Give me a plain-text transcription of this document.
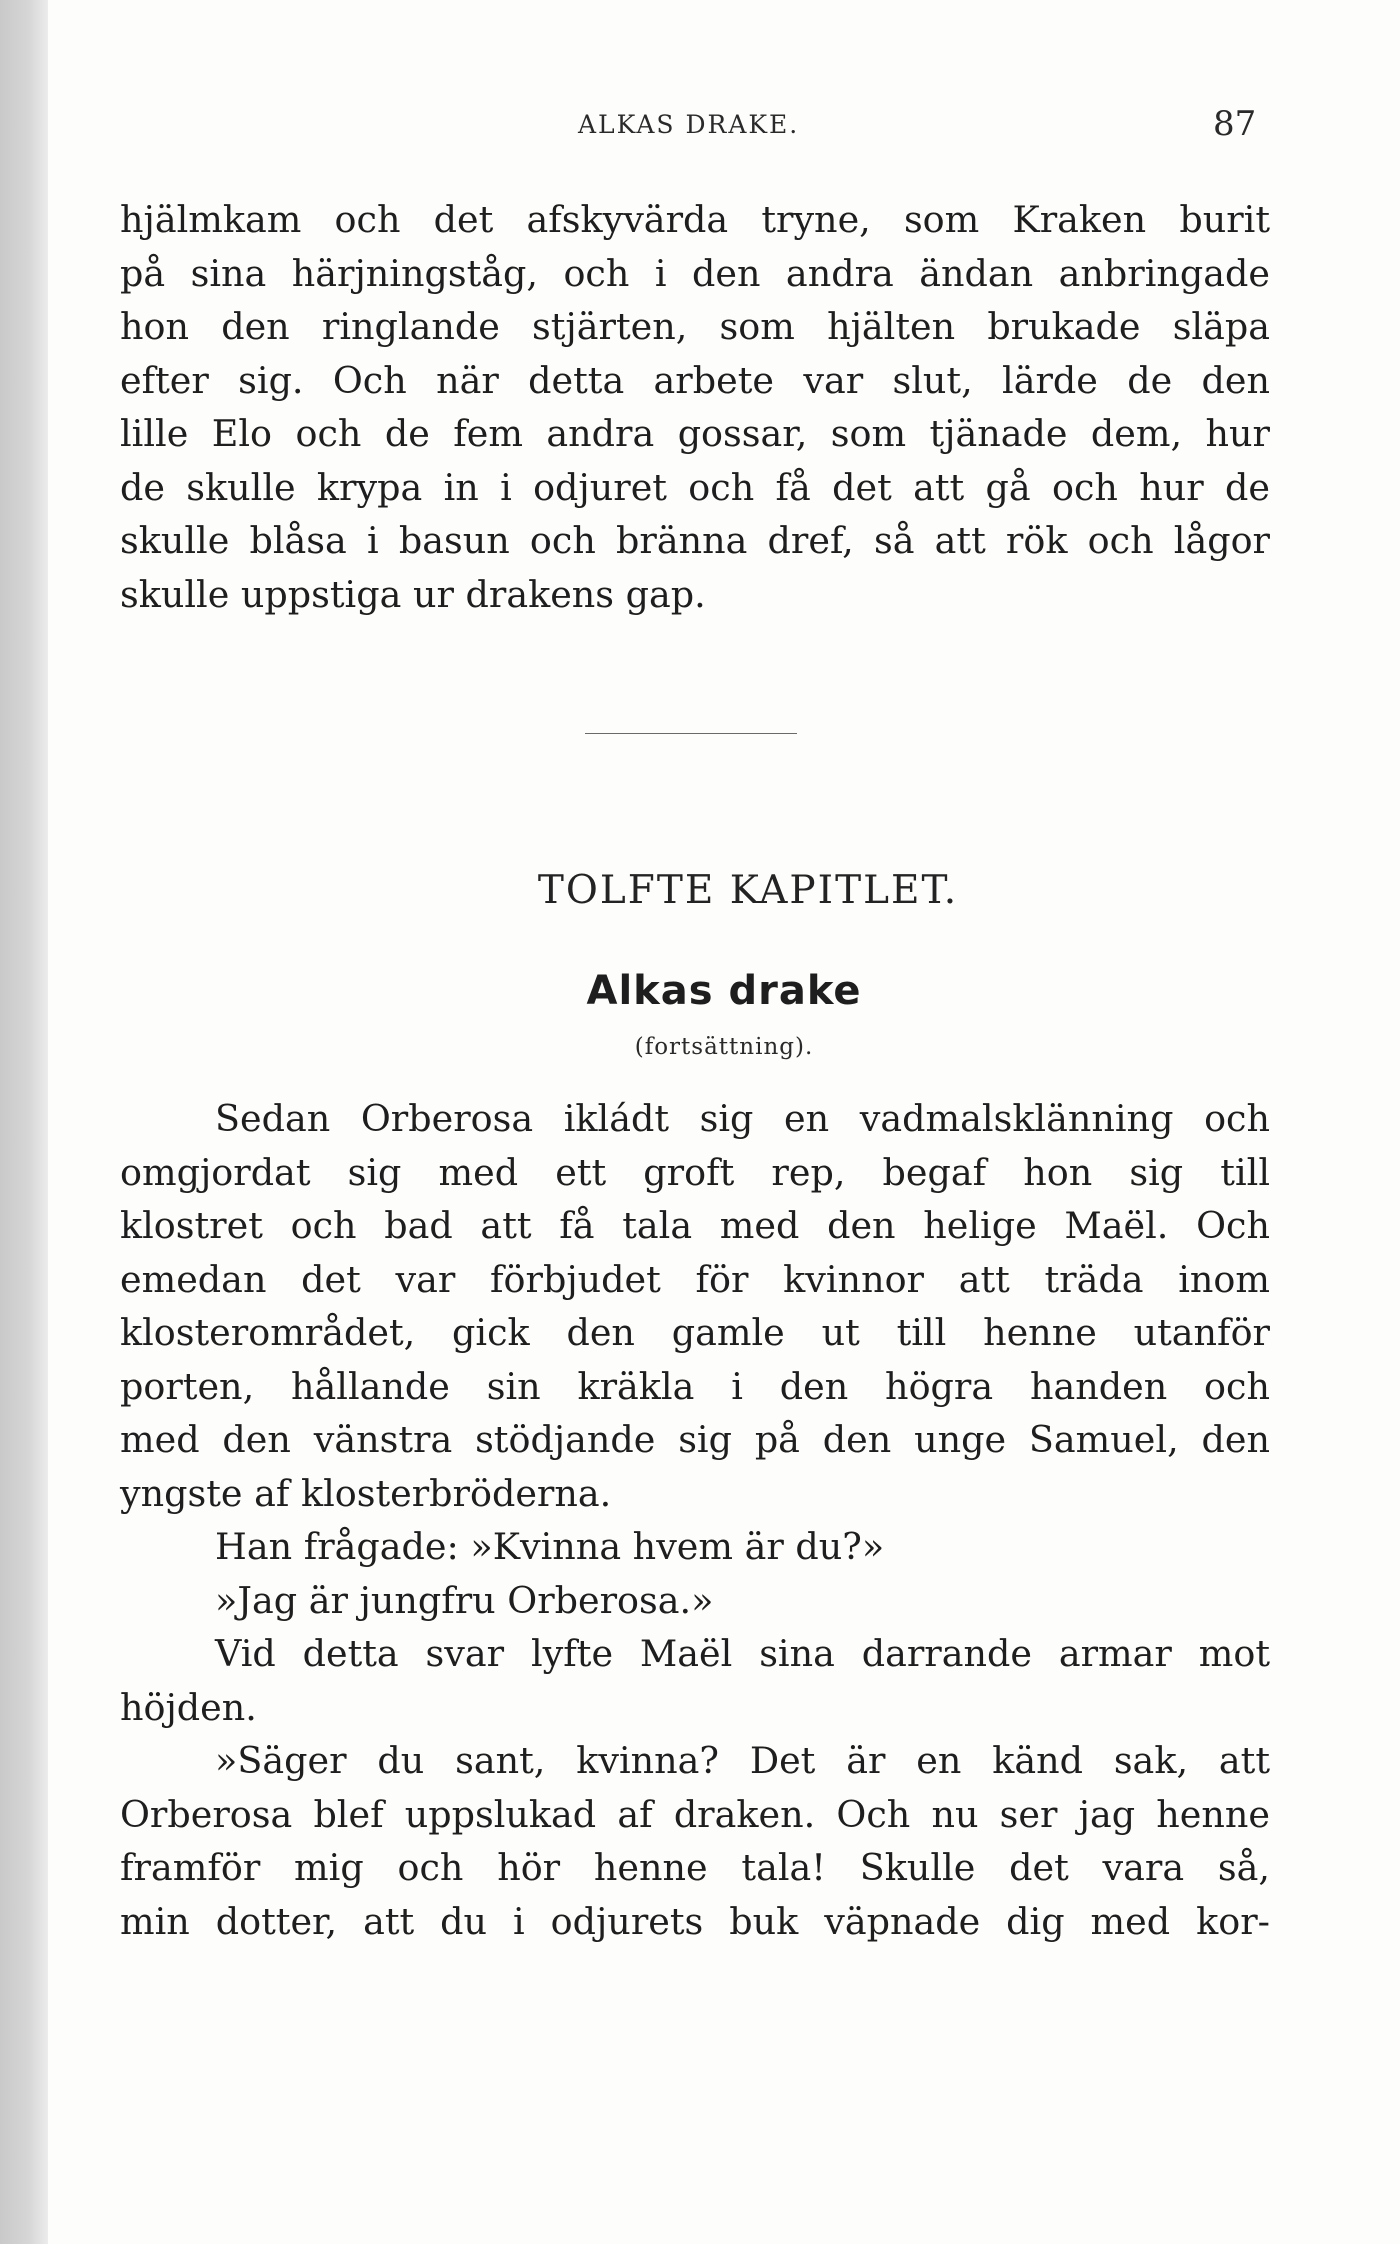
ALKAS DRAKE.	87
hjälmkam och det afskyvärda tryne, som Kraken burit
på sina härjningståg, och i den andra ändan anbringade
hon den ringlande stjärten, som hjälten brukade släpa
efter sig. Och när detta arbete var slut, lärde de den
lille Elo och de fem andra gossar, som tjänade dem, hur
de skulle krypa in i odjuret och få det att gå och hur de
skulle blåsa i basun och bränna dref, så att rök och lågor
skulle uppstiga ur drakens gap.
TOLFTE KAPITLET.
Alkas drake
(fortsättning).
Sedan Orberosa ikládt sig en vadmalsklänning och
omgjordat sig med ett groft rep, begaf hon sig till
klostret och bad att få tala med den helige Maël. Och
emedan det var förbjudet för kvinnor att träda inom
klosterområdet, gick den gamle ut till henne utanför
porten, hållande sin kräkla i den högra handen och
med den vänstra stödjande sig på den unge Samuel, den
yngste af klosterbröderna.
Han frågade: »Kvinna hvem är du?»
»Jag är jungfru Orberosa.»
Vid detta svar lyfte Maël sina darrande armar mot
höjden.
»Säger du sant, kvinna? Det är en känd sak, att
Orberosa blef uppslukad af draken. Och nu ser jag henne
framför mig och hör henne tala! Skulle det vara så,
min dotter, att du i odjurets buk väpnade dig med kor-
